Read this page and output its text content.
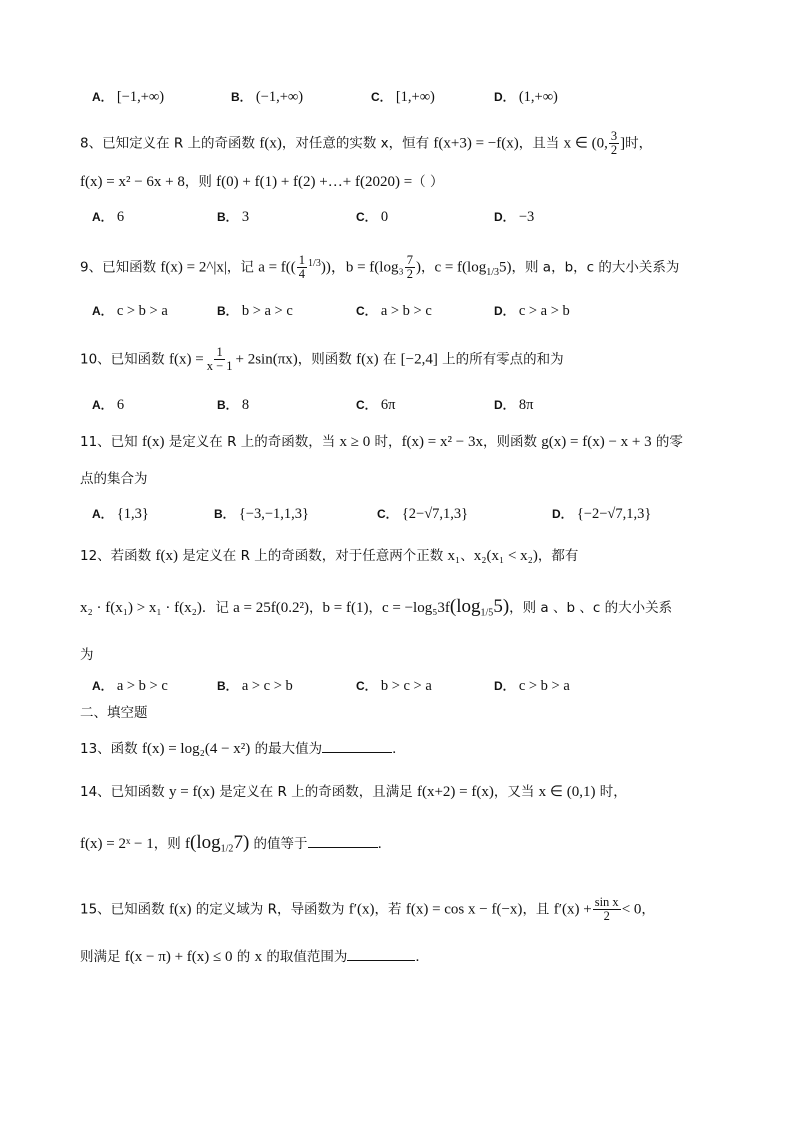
A． [−1,+∞)	B． (−1,+∞)	C． [1,+∞)	D． (1,+∞)
8、已知定义在 R 上的奇函数 f(x)，对任意的实数 x，恒有 f(x+3) = −f(x)，且当 x ∈ (0, $\frac{3}{2}$ ]时，
f(x) = x² − 6x + 8，则 f(0) + f(1) + f(2) +…+ f(2020) =（ ）
A． 6	B． 3	C． 0	D． −3
9、已知函数 f(x) = 2^|x|，记 $a = f(( \frac{1}{4} ^{1/3}))$，$b = f(\log_3 \frac{7}{2}$ )，$c = f(\log_{1/3}5)$，则 a，b，c 的大小关系为
A． c > b > a	B． b > a > c	C． a > b > c	D． c > a > b
10、已知函数 $f(x) = \frac{1}{x - 1} + 2\sin(\pi x)$，则函数 f(x) 在 [−2,4] 上的所有零点的和为
A． 6	B． 8	C． 6π	D． 8π
11、已知 f(x) 是定义在 R 上的奇函数，当 x ≥ 0 时，f(x) = x² − 3x，则函数 g(x) = f(x) − x + 3 的零
点的集合为
A． {1,3}	B． {−3,−1,1,3}	C． {2−√7,1,3}	D． {−2−√7,1,3}
12、若函数 f(x) 是定义在 R 上的奇函数，对于任意两个正数 x₁、x₂(x₁ < x₂)，都有
x₂ · f(x₁) > x₁ · f(x₂)．记 a = 25f(0.2²)，b = f(1)，$c = -\log_53f(\log_{1/5}5)$，则 a 、b 、c 的大小关系
为
A． a > b > c	B． a > c > b	C． b > c > a	D． c > b > a
二、填空题
13、函数 f(x) = log₂(4 − x²) 的最大值为	．
14、已知函数 y = f(x) 是定义在 R 上的奇函数，且满足 f(x+2) = f(x)，又当 x ∈ (0,1) 时，
f(x) = 2ˣ − 1，则 $f(\log_{1/2}7)$ 的值等于	．
15、已知函数 f(x) 的定义域为 R，导函数为 f′(x)，若 f(x) = cos x − f(−x)，且 $f'(x) + \frac{\text{sin x}}{2} < 0$，
则满足 f(x − π) + f(x) ≤ 0 的 x 的取值范围为	．
